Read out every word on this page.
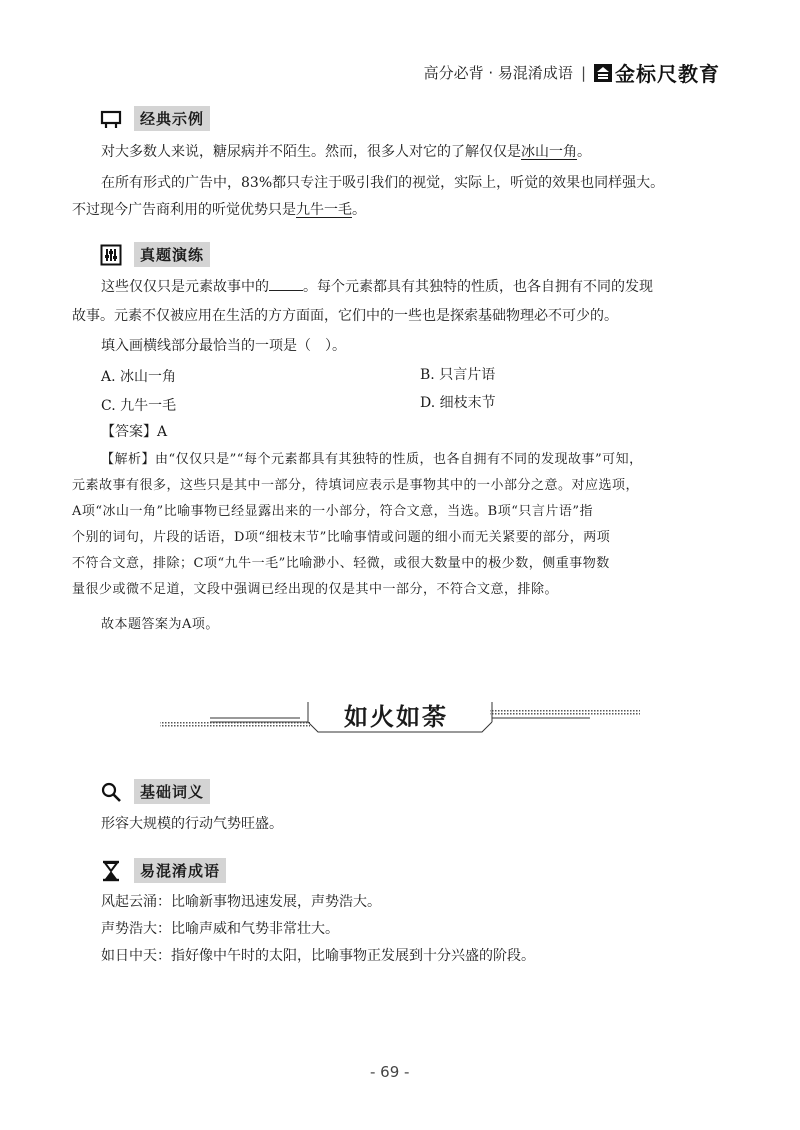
高分必背 · 易混淆成语 | 金标尺教育
经典示例
对大多数人来说，糖尿病并不陌生。然而，很多人对它的了解仅仅是冰山一角。
在所有形式的广告中，83%都只专注于吸引我们的视觉，实际上，听觉的效果也同样强大。
不过现今广告商利用的听觉优势只是九牛一毛。
真题演练
这些仅仅只是元素故事中的 。每个元素都具有其独特的性质，也各自拥有不同的发现
故事。元素不仅被应用在生活的方方面面，它们中的一些也是探索基础物理必不可少的。
填入画横线部分最恰当的一项是（　）。
A. 冰山一角	B. 只言片语
C. 九牛一毛	D. 细枝末节
【答案】A
【解析】由“仅仅只是”“每个元素都具有其独特的性质，也各自拥有不同的发现故事”可知，
元素故事有很多，这些只是其中一部分，待填词应表示是事物其中的一小部分之意。对应选项，
A项“冰山一角”比喻事物已经显露出来的一小部分，符合文意，当选。B项“只言片语”指
个别的词句，片段的话语，D项“细枝末节”比喻事情或问题的细小而无关紧要的部分，两项
不符合文意，排除；C项“九牛一毛”比喻渺小、轻微，或很大数量中的极少数，侧重事物数
量很少或微不足道，文段中强调已经出现的仅是其中一部分，不符合文意，排除。
故本题答案为A项。
如火如荼
基础词义
形容大规模的行动气势旺盛。
易混淆成语
风起云涌：比喻新事物迅速发展，声势浩大。
声势浩大：比喻声威和气势非常壮大。
如日中天：指好像中午时的太阳，比喻事物正发展到十分兴盛的阶段。
- 69 -
